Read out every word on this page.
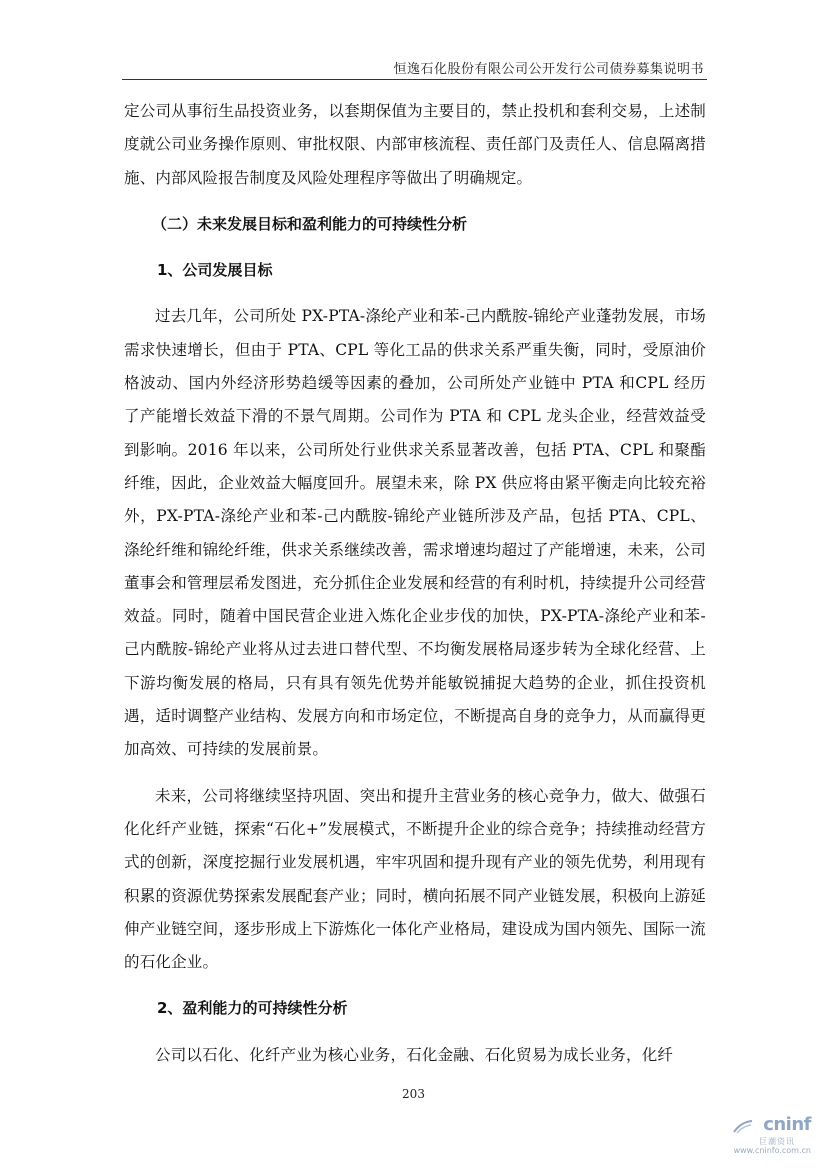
恒逸石化股份有限公司公开发行公司债券募集说明书

定公司从事衍生品投资业务，以套期保值为主要目的，禁止投机和套利交易，上述制度就公司业务操作原则、审批权限、内部审核流程、责任部门及责任人、信息隔离措施、内部风险报告制度及风险处理程序等做出了明确规定。

（二）未来发展目标和盈利能力的可持续性分析

1、公司发展目标

过去几年，公司所处 PX-PTA-涤纶产业和苯-己内酰胺-锦纶产业蓬勃发展，市场需求快速增长，但由于 PTA、CPL 等化工品的供求关系严重失衡，同时，受原油价格波动、国内外经济形势趋缓等因素的叠加，公司所处产业链中 PTA 和CPL 经历了产能增长效益下滑的不景气周期。公司作为 PTA 和 CPL 龙头企业，经营效益受到影响。2016 年以来，公司所处行业供求关系显著改善，包括 PTA、CPL 和聚酯纤维，因此，企业效益大幅度回升。展望未来，除 PX 供应将由紧平衡走向比较充裕外，PX-PTA-涤纶产业和苯-己内酰胺-锦纶产业链所涉及产品，包括 PTA、CPL、涤纶纤维和锦纶纤维，供求关系继续改善，需求增速均超过了产能增速，未来，公司董事会和管理层希发图进，充分抓住企业发展和经营的有利时机，持续提升公司经营效益。同时，随着中国民营企业进入炼化企业步伐的加快，PX-PTA-涤纶产业和苯-己内酰胺-锦纶产业将从过去进口替代型、不均衡发展格局逐步转为全球化经营、上下游均衡发展的格局，只有具有领先优势并能敏锐捕捉大趋势的企业，抓住投资机遇，适时调整产业结构、发展方向和市场定位，不断提高自身的竞争力，从而赢得更加高效、可持续的发展前景。

未来，公司将继续坚持巩固、突出和提升主营业务的核心竞争力，做大、做强石化化纤产业链，探索“石化+”发展模式，不断提升企业的综合竞争；持续推动经营方式的创新，深度挖掘行业发展机遇，牢牢巩固和提升现有产业的领先优势，利用现有积累的资源优势探索发展配套产业；同时，横向拓展不同产业链发展，积极向上游延伸产业链空间，逐步形成上下游炼化一体化产业格局，建设成为国内领先、国际一流的石化企业。

2、盈利能力的可持续性分析

公司以石化、化纤产业为核心业务，石化金融、石化贸易为成长业务，化纤

203
cninf
巨潮资讯
www.cninfo.com.cn
